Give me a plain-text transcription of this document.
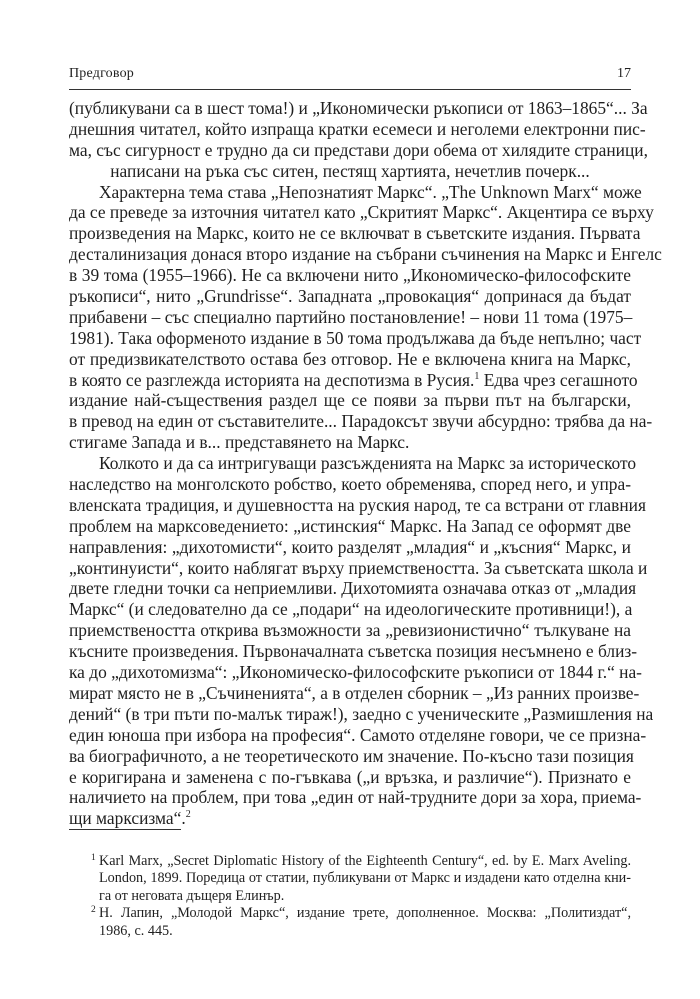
Предговор	17
(публикувани са в шест тома!) и „Икономически ръкописи от 1863–1865“... За
днешния читател, който изпраща кратки есемеси и неголеми електронни пис-
ма, със сигурност е трудно да си представи дори обема от хилядите страници,
написани на ръка със ситен, пестящ хартията, нечетлив почерк...
Характерна тема става „Непознатият Маркс“. „The Unknown Marx“ може
да се преведе за източния читател като „Скритият Маркс“. Акцентира се върху
произведения на Маркс, които не се включват в съветските издания. Първата
десталинизация донася второ издание на събрани съчинения на Маркс и Енгелс
в 39 тома (1955–1966). Не са включени нито „Икономическо-философските
ръкописи“, нито „Grundrisse“. Западната „провокация“ допринася да бъдат
прибавени – със специално партийно постановление! – нови 11 тома (1975–
1981). Така оформеното издание в 50 тома продължава да бъде непълно; част
от предизвикателството остава без отговор. Не е включена книга на Маркс,
в която се разглежда историята на деспотизма в Русия.$^1$ Едва чрез сегашното
издание най-съществения раздел ще се появи за първи път на български,
в превод на един от съставителите... Парадоксът звучи абсурдно: трябва да на-
стигаме Запада и в... представянето на Маркс.
Колкото и да са интригуващи разсъжденията на Маркс за историческото
наследство на монголското робство, което обременява, според него, и упра-
вленската традиция, и душевността на руския народ, те са встрани от главния
проблем на марксоведението: „истинския“ Маркс. На Запад се оформят две
направления: „дихотомисти“, които разделят „младия“ и „късния“ Маркс, и
„континуисти“, които наблягат върху приемствеността. За съветската школа и
двете гледни точки са неприемливи. Дихотомията означава отказ от „младия
Маркс“ (и следователно да се „подари“ на идеологическите противници!), а
приемствеността открива възможности за „ревизионистично“ тълкуване на
късните произведения. Първоначалната съветска позиция несъмнено е близ-
ка до „дихотомизма“: „Икономическо-философските ръкописи от 1844 г.“ на-
мират място не в „Съчиненията“, а в отделен сборник – „Из ранних произве-
дений“ (в три пъти по-малък тираж!), заедно с ученическите „Размишления на
един юноша при избора на професия“. Самото отделяне говори, че се призна-
ва биографичното, а не теоретическото им значение. По-късно тази позиция
е коригирана и заменена с по-гъвкава („и връзка, и различие“). Признато е
наличието на проблем, при това „един от най-трудните дори за хора, приема-
щи марксизма“.$^2$
1 Karl Marx, „Secret Diplomatic History of the Eighteenth Century“, ed. by E. Marx Aveling.
London, 1899. Поредица от статии, публикувани от Маркс и издадени като отделна кни-
га от неговата дъщеря Елинър.
2 Н. Лапин, „Молодой Маркс“, издание трете, дополненное. Москва: „Политиздат“,
1986, с. 445.
